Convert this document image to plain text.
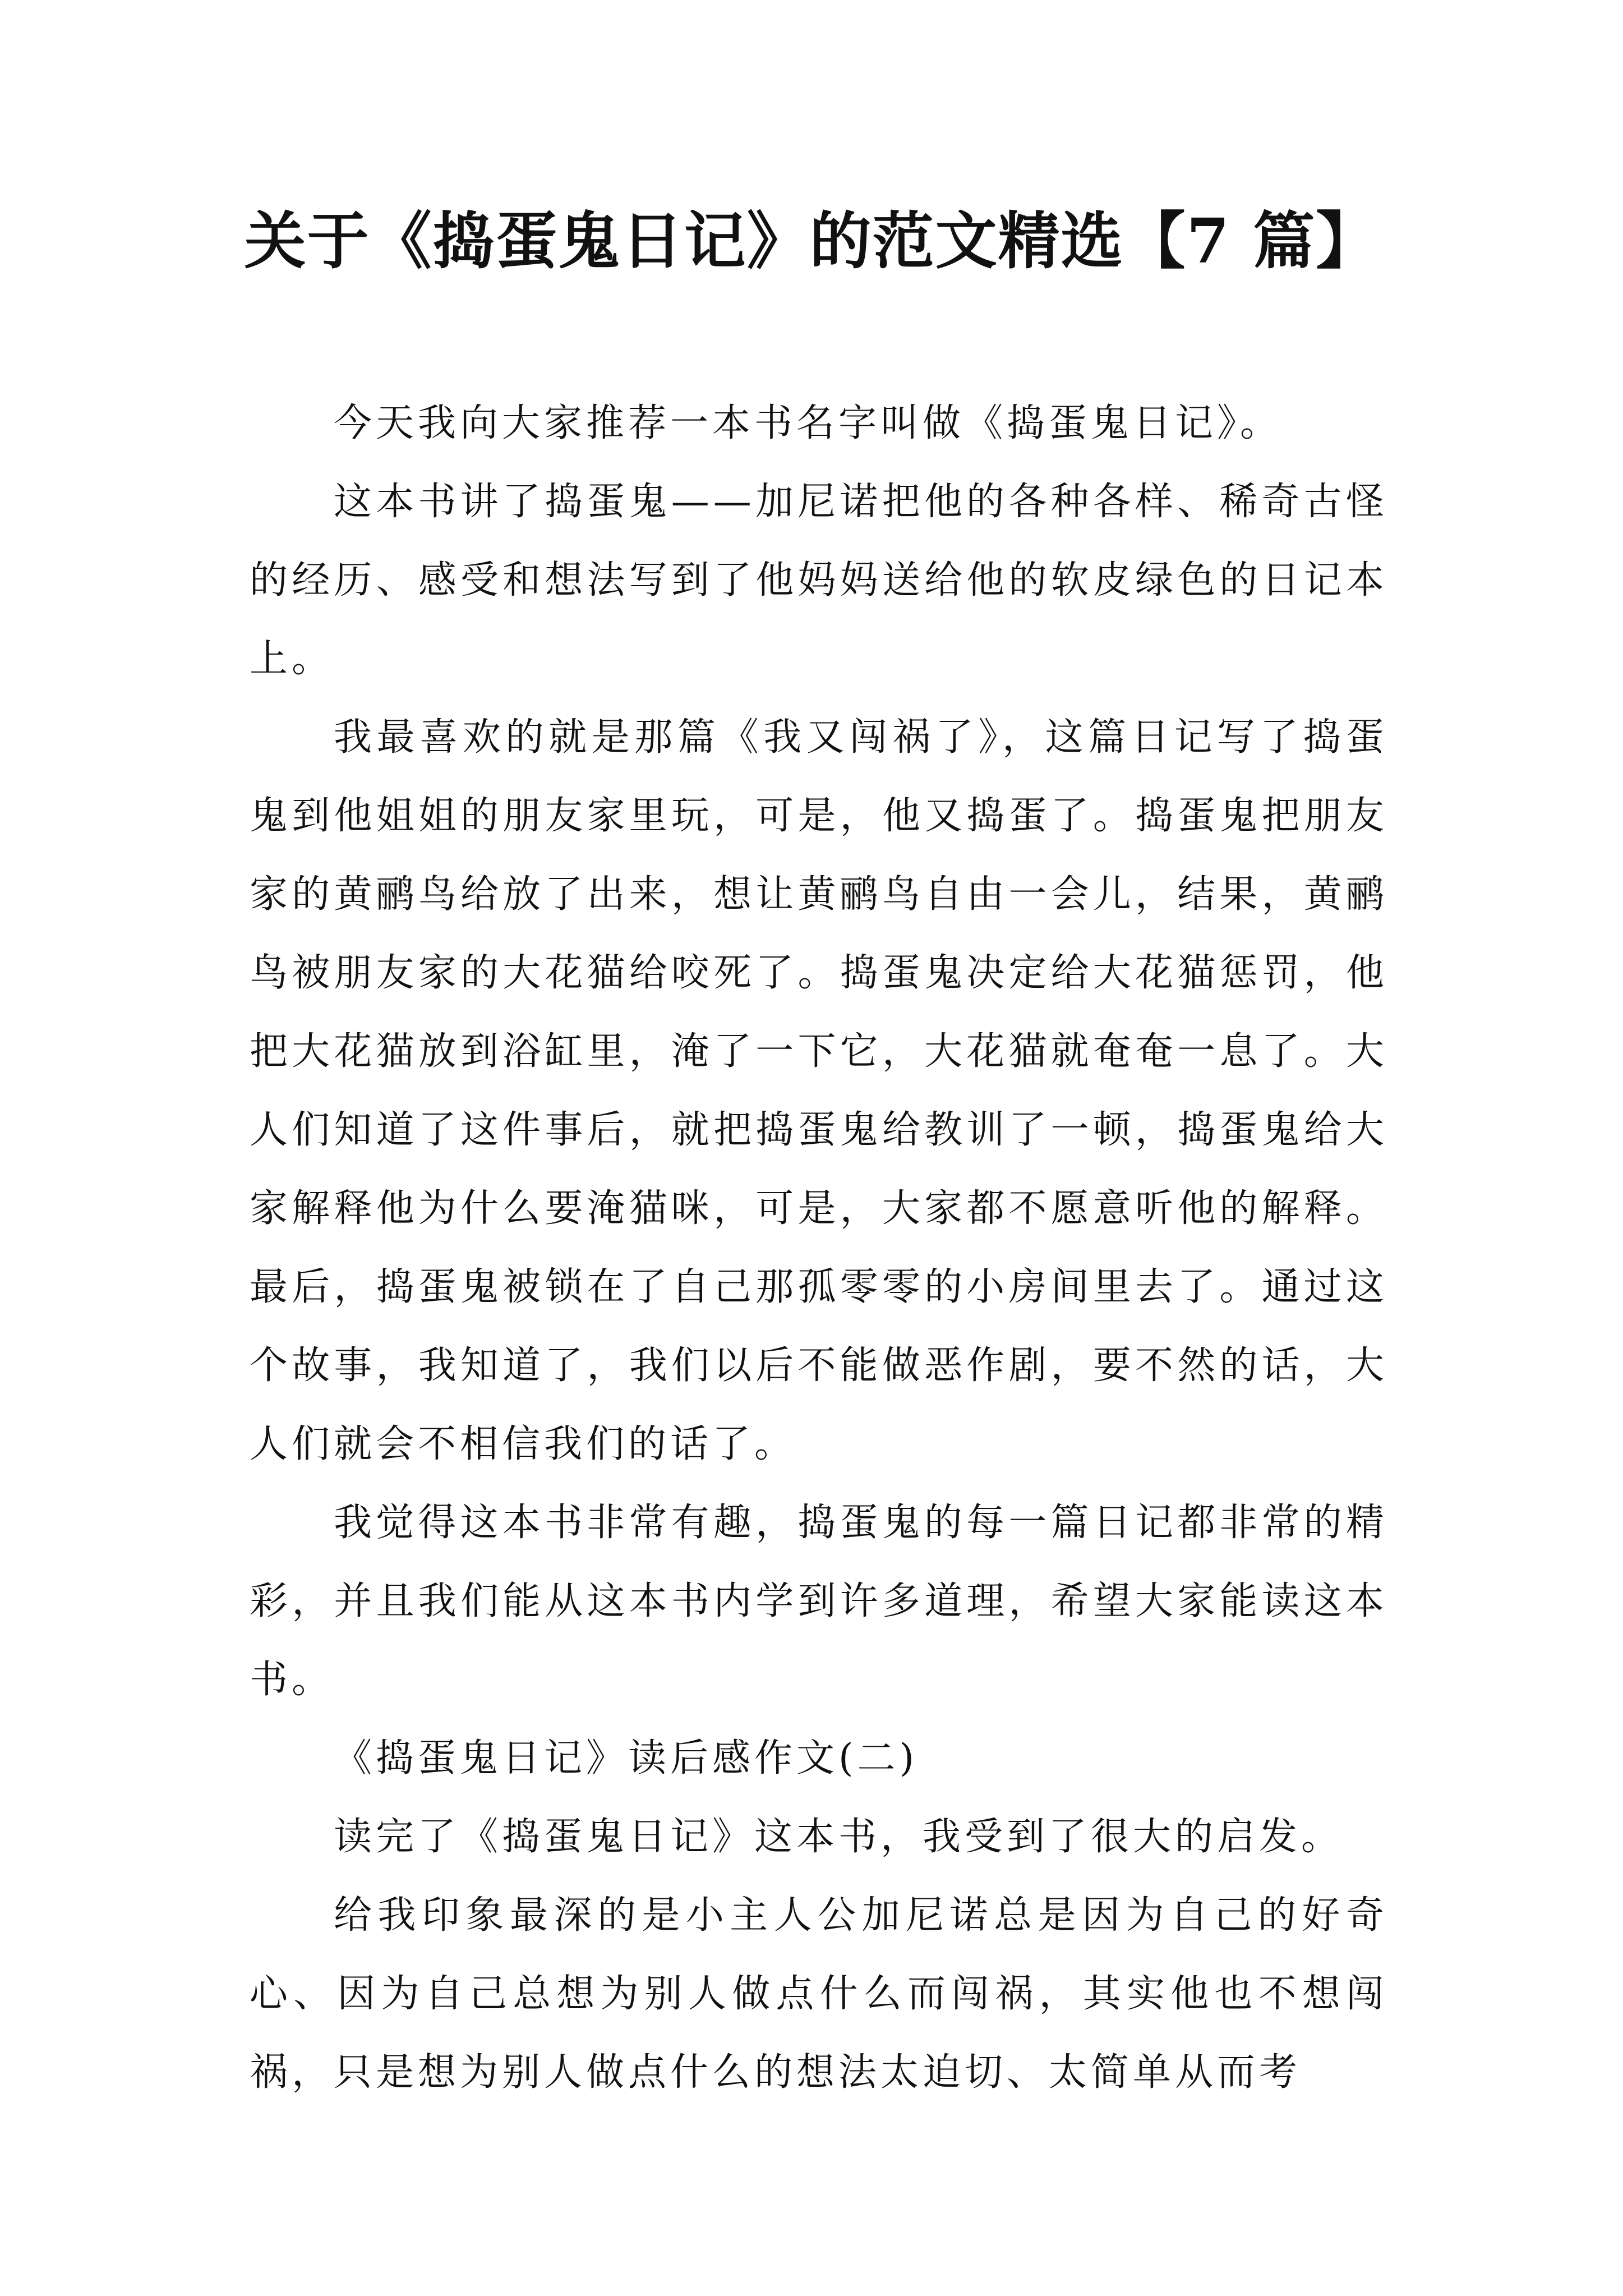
关于《捣蛋鬼日记》的范文精选【7 篇】

今天我向大家推荐一本书名字叫做《捣蛋鬼日记》。

这本书讲了捣蛋鬼——加尼诺把他的各种各样、稀奇古怪的经历、感受和想法写到了他妈妈送给他的软皮绿色的日记本上。

我最喜欢的就是那篇《我又闯祸了》，这篇日记写了捣蛋鬼到他姐姐的朋友家里玩，可是，他又捣蛋了。捣蛋鬼把朋友家的黄鹂鸟给放了出来，想让黄鹂鸟自由一会儿，结果，黄鹂鸟被朋友家的大花猫给咬死了。捣蛋鬼决定给大花猫惩罚，他把大花猫放到浴缸里，淹了一下它，大花猫就奄奄一息了。大人们知道了这件事后，就把捣蛋鬼给教训了一顿，捣蛋鬼给大家解释他为什么要淹猫咪，可是，大家都不愿意听他的解释。最后，捣蛋鬼被锁在了自己那孤零零的小房间里去了。通过这个故事，我知道了，我们以后不能做恶作剧，要不然的话，大人们就会不相信我们的话了。

我觉得这本书非常有趣，捣蛋鬼的每一篇日记都非常的精彩，并且我们能从这本书内学到许多道理，希望大家能读这本书。

《捣蛋鬼日记》读后感作文(二)

读完了《捣蛋鬼日记》这本书，我受到了很大的启发。

给我印象最深的是小主人公加尼诺总是因为自己的好奇心、因为自己总想为别人做点什么而闯祸，其实他也不想闯祸，只是想为别人做点什么的想法太迫切、太简单从而考
